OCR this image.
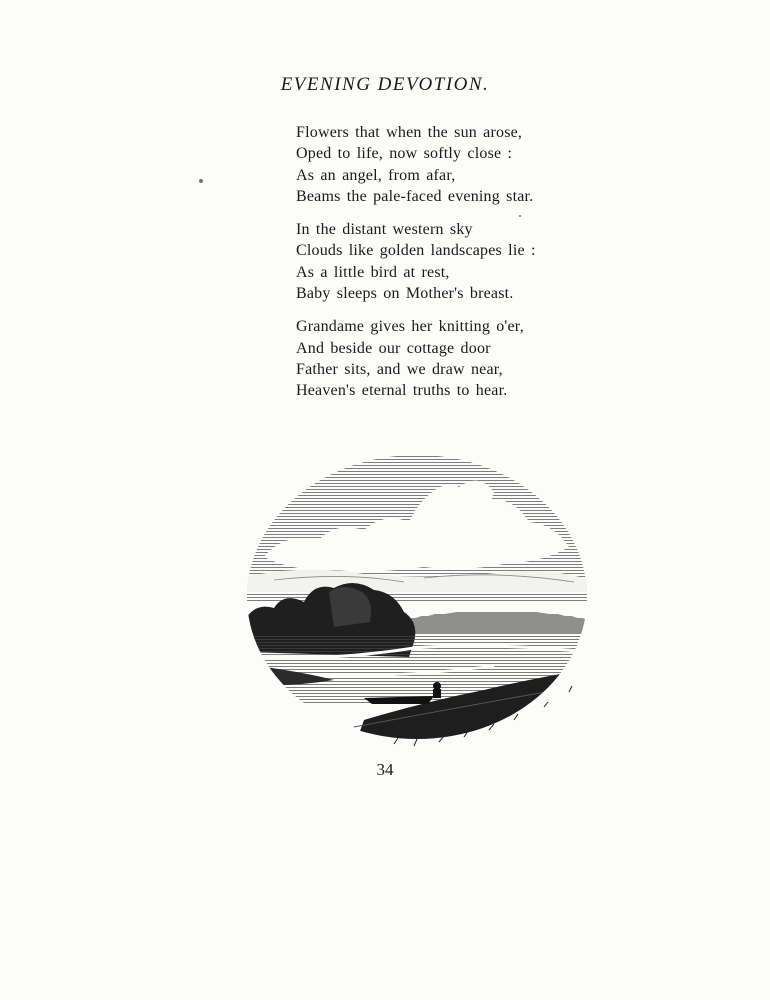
EVENING DEVOTION.
Flowers that when the sun arose,
Oped to life, now softly close :
As an angel, from afar,
Beams the pale-faced evening star.
In the distant western sky
Clouds like golden landscapes lie :
As a little bird at rest,
Baby sleeps on Mother's breast.
Grandame gives her knitting o'er,
And beside our cottage door
Father sits, and we draw near,
Heaven's eternal truths to hear.
34
